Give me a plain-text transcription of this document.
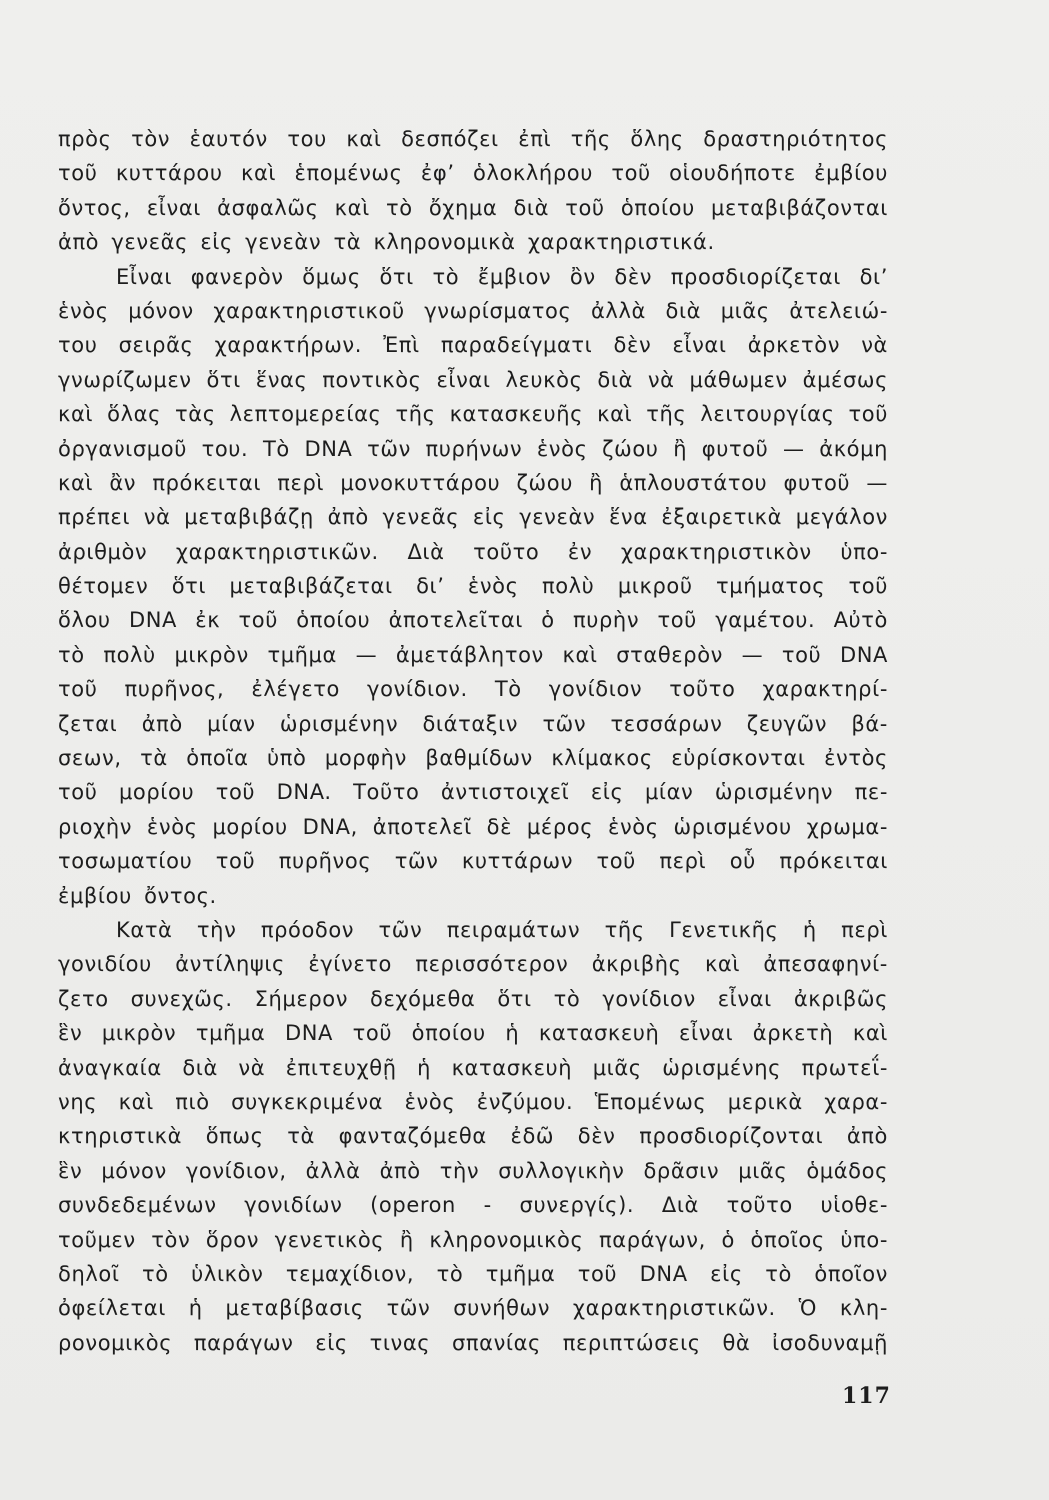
πρὸς τὸν ἑαυτόν του καὶ δεσπόζει ἐπὶ τῆς ὅλης δραστηριότητος
τοῦ κυττάρου καὶ ἑπομένως ἐφ’ ὁλοκλήρου τοῦ οἱουδήποτε ἐμβίου
ὄντος, εἶναι ἀσφαλῶς καὶ τὸ ὄχημα διὰ τοῦ ὁποίου μεταβιβάζονται
ἀπὸ γενεᾶς εἰς γενεὰν τὰ κληρονομικὰ χαρακτηριστικά.
Εἶναι φανερὸν ὅμως ὅτι τὸ ἔμβιον ὂν δὲν προσδιορίζεται δι’
ἑνὸς μόνον χαρακτηριστικοῦ γνωρίσματος ἀλλὰ διὰ μιᾶς ἀτελειώ-
του σειρᾶς χαρακτήρων. Ἐπὶ παραδείγματι δὲν εἶναι ἀρκετὸν νὰ
γνωρίζωμεν ὅτι ἕνας ποντικὸς εἶναι λευκὸς διὰ νὰ μάθωμεν ἀμέσως
καὶ ὅλας τὰς λεπτομερείας τῆς κατασκευῆς καὶ τῆς λειτουργίας τοῦ
ὀργανισμοῦ του. Τὸ DNA τῶν πυρήνων ἑνὸς ζώου ἢ φυτοῦ — ἀκόμη
καὶ ἂν πρόκειται περὶ μονοκυττάρου ζώου ἢ ἁπλουστάτου φυτοῦ —
πρέπει νὰ μεταβιβάζῃ ἀπὸ γενεᾶς εἰς γενεὰν ἕνα ἐξαιρετικὰ μεγάλον
ἀριθμὸν χαρακτηριστικῶν. Διὰ τοῦτο ἐν χαρακτηριστικὸν ὑπο-
θέτομεν ὅτι μεταβιβάζεται δι’ ἑνὸς πολὺ μικροῦ τμήματος τοῦ
ὅλου DNA ἐκ τοῦ ὁποίου ἀποτελεῖται ὁ πυρὴν τοῦ γαμέτου. Αὐτὸ
τὸ πολὺ μικρὸν τμῆμα — ἀμετάβλητον καὶ σταθερὸν — τοῦ DNA
τοῦ πυρῆνος, ἐλέγετο γονίδιον. Τὸ γονίδιον τοῦτο χαρακτηρί-
ζεται ἀπὸ μίαν ὡρισμένην διάταξιν τῶν τεσσάρων ζευγῶν βά-
σεων, τὰ ὁποῖα ὑπὸ μορφὴν βαθμίδων κλίμακος εὑρίσκονται ἐντὸς
τοῦ μορίου τοῦ DNA. Τοῦτο ἀντιστοιχεῖ εἰς μίαν ὡρισμένην πε-
ριοχὴν ἑνὸς μορίου DNA, ἀποτελεῖ δὲ μέρος ἑνὸς ὡρισμένου χρωμα-
τοσωματίου τοῦ πυρῆνος τῶν κυττάρων τοῦ περὶ οὗ πρόκειται
ἐμβίου ὄντος.
Κατὰ τὴν πρόοδον τῶν πειραμάτων τῆς Γενετικῆς ἡ περὶ
γονιδίου ἀντίληψις ἐγίνετο περισσότερον ἀκριβὴς καὶ ἀπεσαφηνί-
ζετο συνεχῶς. Σήμερον δεχόμεθα ὅτι τὸ γονίδιον εἶναι ἀκριβῶς
ἓν μικρὸν τμῆμα DNA τοῦ ὁποίου ἡ κατασκευὴ εἶναι ἀρκετὴ καὶ
ἀναγκαία διὰ νὰ ἐπιτευχθῇ ἡ κατασκευὴ μιᾶς ὡρισμένης πρωτεΐ-
νης καὶ πιὸ συγκεκριμένα ἑνὸς ἐνζύμου. Ἑπομένως μερικὰ χαρα-
κτηριστικὰ ὅπως τὰ φανταζόμεθα ἐδῶ δὲν προσδιορίζονται ἀπὸ
ἓν μόνον γονίδιον, ἀλλὰ ἀπὸ τὴν συλλογικὴν δρᾶσιν μιᾶς ὁμάδος
συνδεδεμένων γονιδίων (operon - συνεργίς). Διὰ τοῦτο υἱοθε-
τοῦμεν τὸν ὅρον γενετικὸς ἢ κληρονομικὸς παράγων, ὁ ὁποῖος ὑπο-
δηλοῖ τὸ ὑλικὸν τεμαχίδιον, τὸ τμῆμα τοῦ DNA εἰς τὸ ὁποῖον
ὀφείλεται ἡ μεταβίβασις τῶν συνήθων χαρακτηριστικῶν. Ὁ κλη-
ρονομικὸς παράγων εἰς τινας σπανίας περιπτώσεις θὰ ἰσοδυναμῇ
117
